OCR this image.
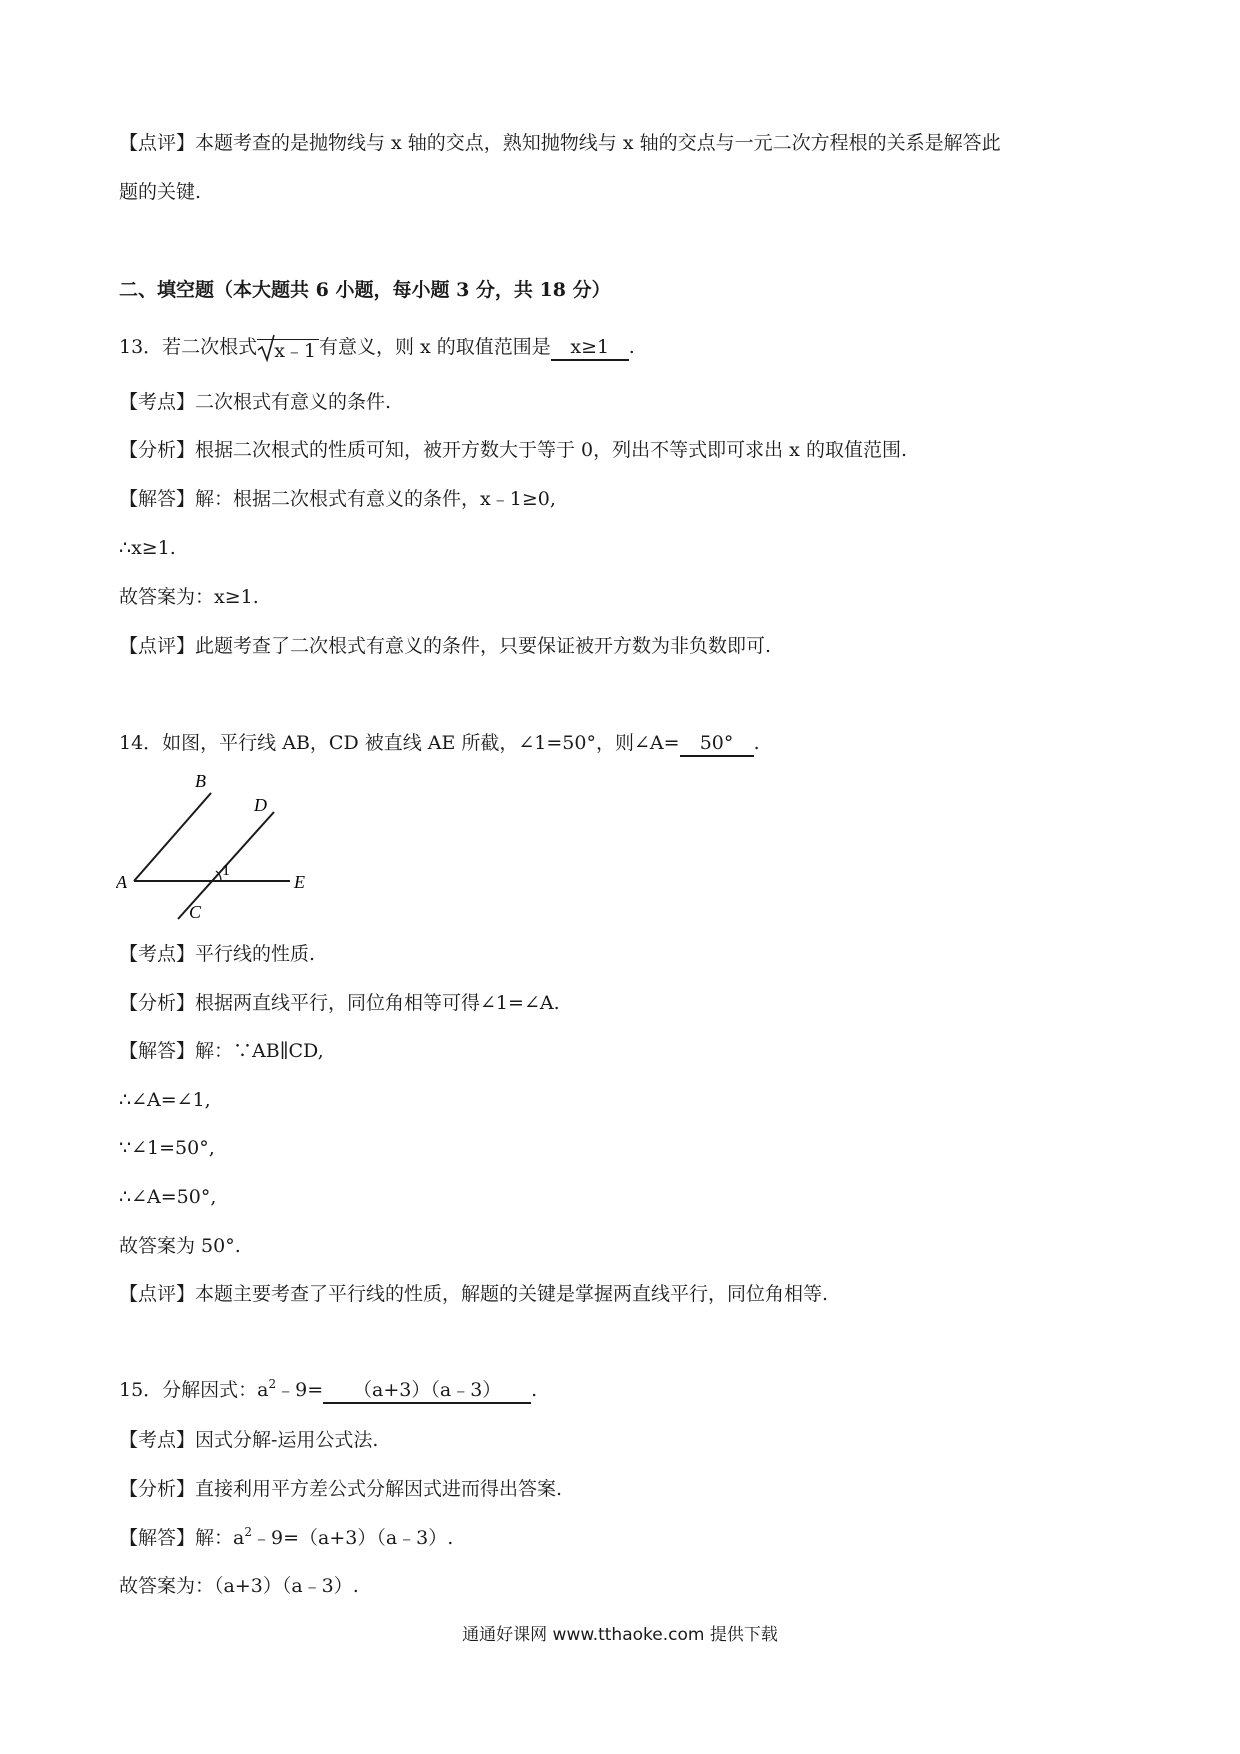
【点评】本题考查的是抛物线与 x 轴的交点，熟知抛物线与 x 轴的交点与一元二次方程根的关系是解答此
题的关键.
二、填空题（本大题共 6 小题，每小题 3 分，共 18 分）
13．若二次根式 x﹣1 有意义，则 x 的取值范围是 x≥1 .
【考点】二次根式有意义的条件.
【分析】根据二次根式的性质可知，被开方数大于等于 0，列出不等式即可求出 x 的取值范围.
【解答】解：根据二次根式有意义的条件，x﹣1≥0,
∴x≥1.
故答案为：x≥1.
【点评】此题考查了二次根式有意义的条件，只要保证被开方数为非负数即可.
14．如图，平行线 AB，CD 被直线 AE 所截，∠1=50°，则∠A= 50° .
A
B
C
D
E
1
【考点】平行线的性质.
【分析】根据两直线平行，同位角相等可得∠1=∠A.
【解答】解：∵AB∥CD,
∴∠A=∠1,
∵∠1=50°,
∴∠A=50°,
故答案为 50°.
【点评】本题主要考查了平行线的性质，解题的关键是掌握两直线平行，同位角相等.
15．分解因式：$a^2﹣9=$ （a+3）（a﹣3） .
【考点】因式分解-运用公式法.
【分析】直接利用平方差公式分解因式进而得出答案.
【解答】解：$a^2﹣9=(a+3)(a﹣3)$.
故答案为：（a+3）（a﹣3）.
通通好课网 www.tthaoke.com 提供下载
